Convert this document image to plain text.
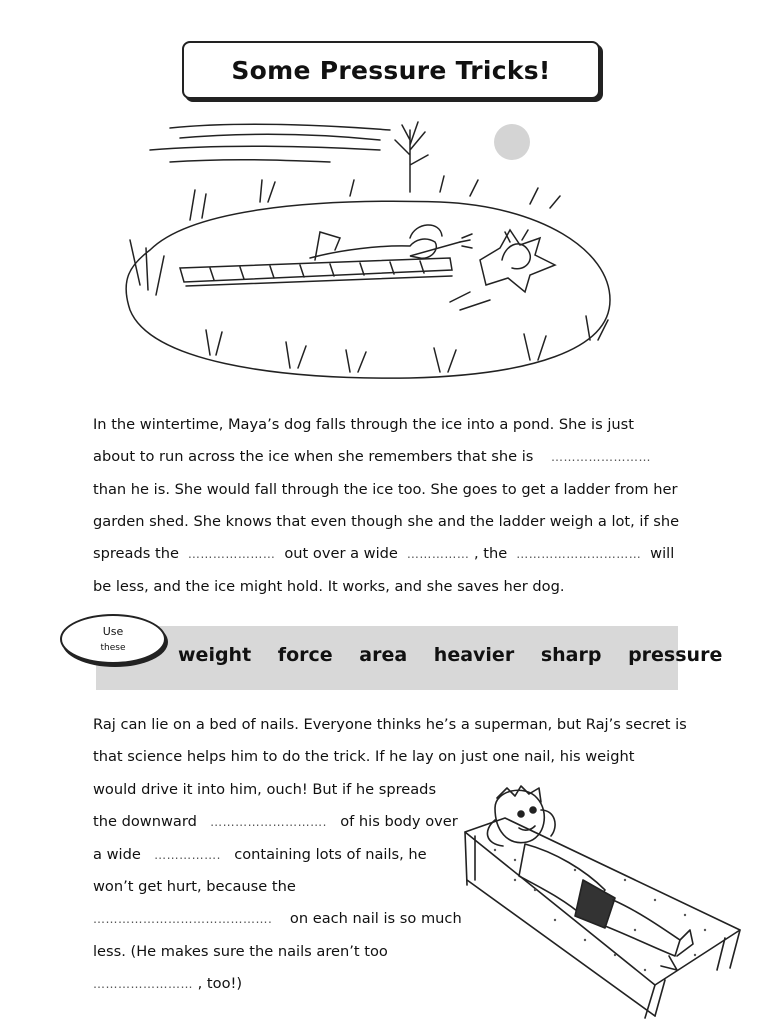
Some Pressure Tricks!
In the wintertime, Maya’s dog falls through the ice into a pond. She is just
about to run across the ice when she remembers that she is    ……………………
than he is. She would fall through the ice too. She goes to get a ladder from her
garden shed. She knows that even though she and the ladder weigh a lot, if she
spreads the  …………………  out over a wide  …………… , the  …………………………  will
be less, and the ice might hold. It works, and she saves her dog.
weight force area heavier sharp pressure
Use
these
Raj can lie on a bed of nails. Everyone thinks he’s a superman, but Raj’s secret is
that science helps him to do the trick. If he lay on just one nail, his weight
would drive it into him, ouch! But if he spreads
the downward   ……………………….   of his body over
a wide   …………….   containing lots of nails, he
won’t get hurt, because the
…………………………………….    on each nail is so much
less. (He makes sure the nails aren’t too
…………………… , too!)
